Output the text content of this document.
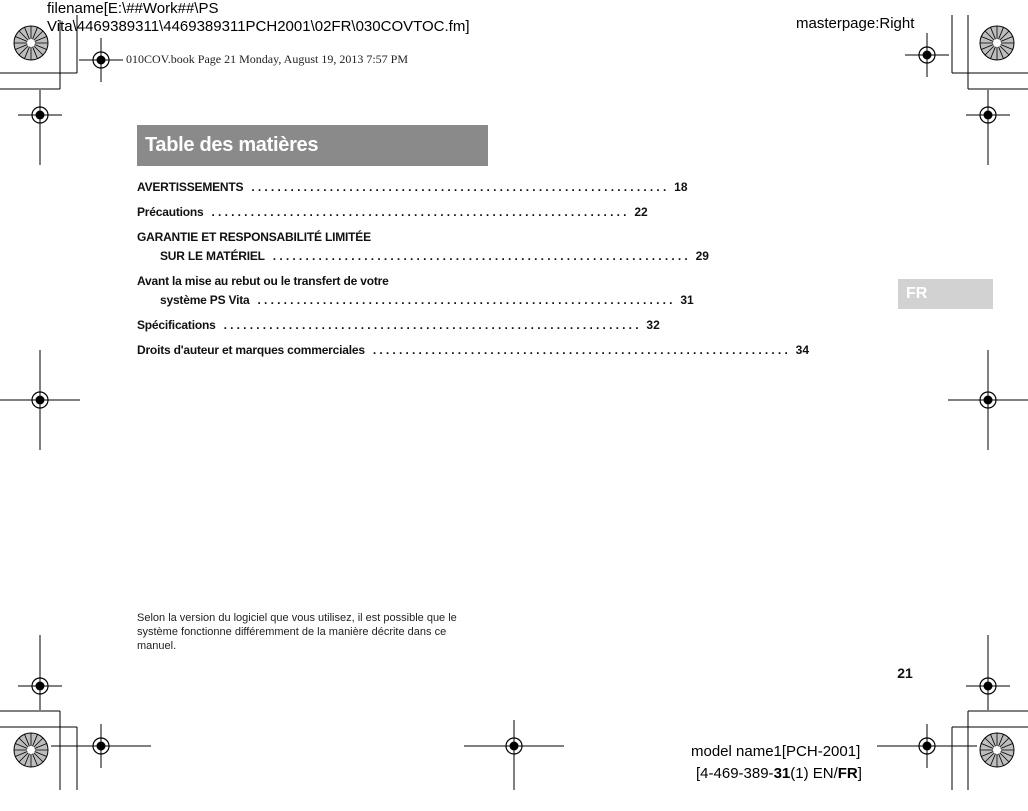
filename[E:\##Work##\PS
Vita\4469389311\4469389311PCH2001\02FR\030COVTOC.fm]	masterpage:Right
010COV.book Page 21 Monday, August 19, 2013 7:57 PM
Table des matières
AVERTISSEMENTS ................................................................ 18
Précautions ................................................................ 22
GARANTIE ET RESPONSABILITÉ LIMITÉE
SUR LE MATÉRIEL ................................................................ 29
Avant la mise au rebut ou le transfert de votre
système PS Vita ................................................................ 31
Spécifications ................................................................ 32
Droits d'auteur et marques commerciales ................................................................ 34
FR
Selon la version du logiciel que vous utilisez, il est possible que le système fonctionne différemment de la manière décrite dans ce manuel.
21
model name1[PCH-2001]
[4-469-389-31(1) EN/FR]
